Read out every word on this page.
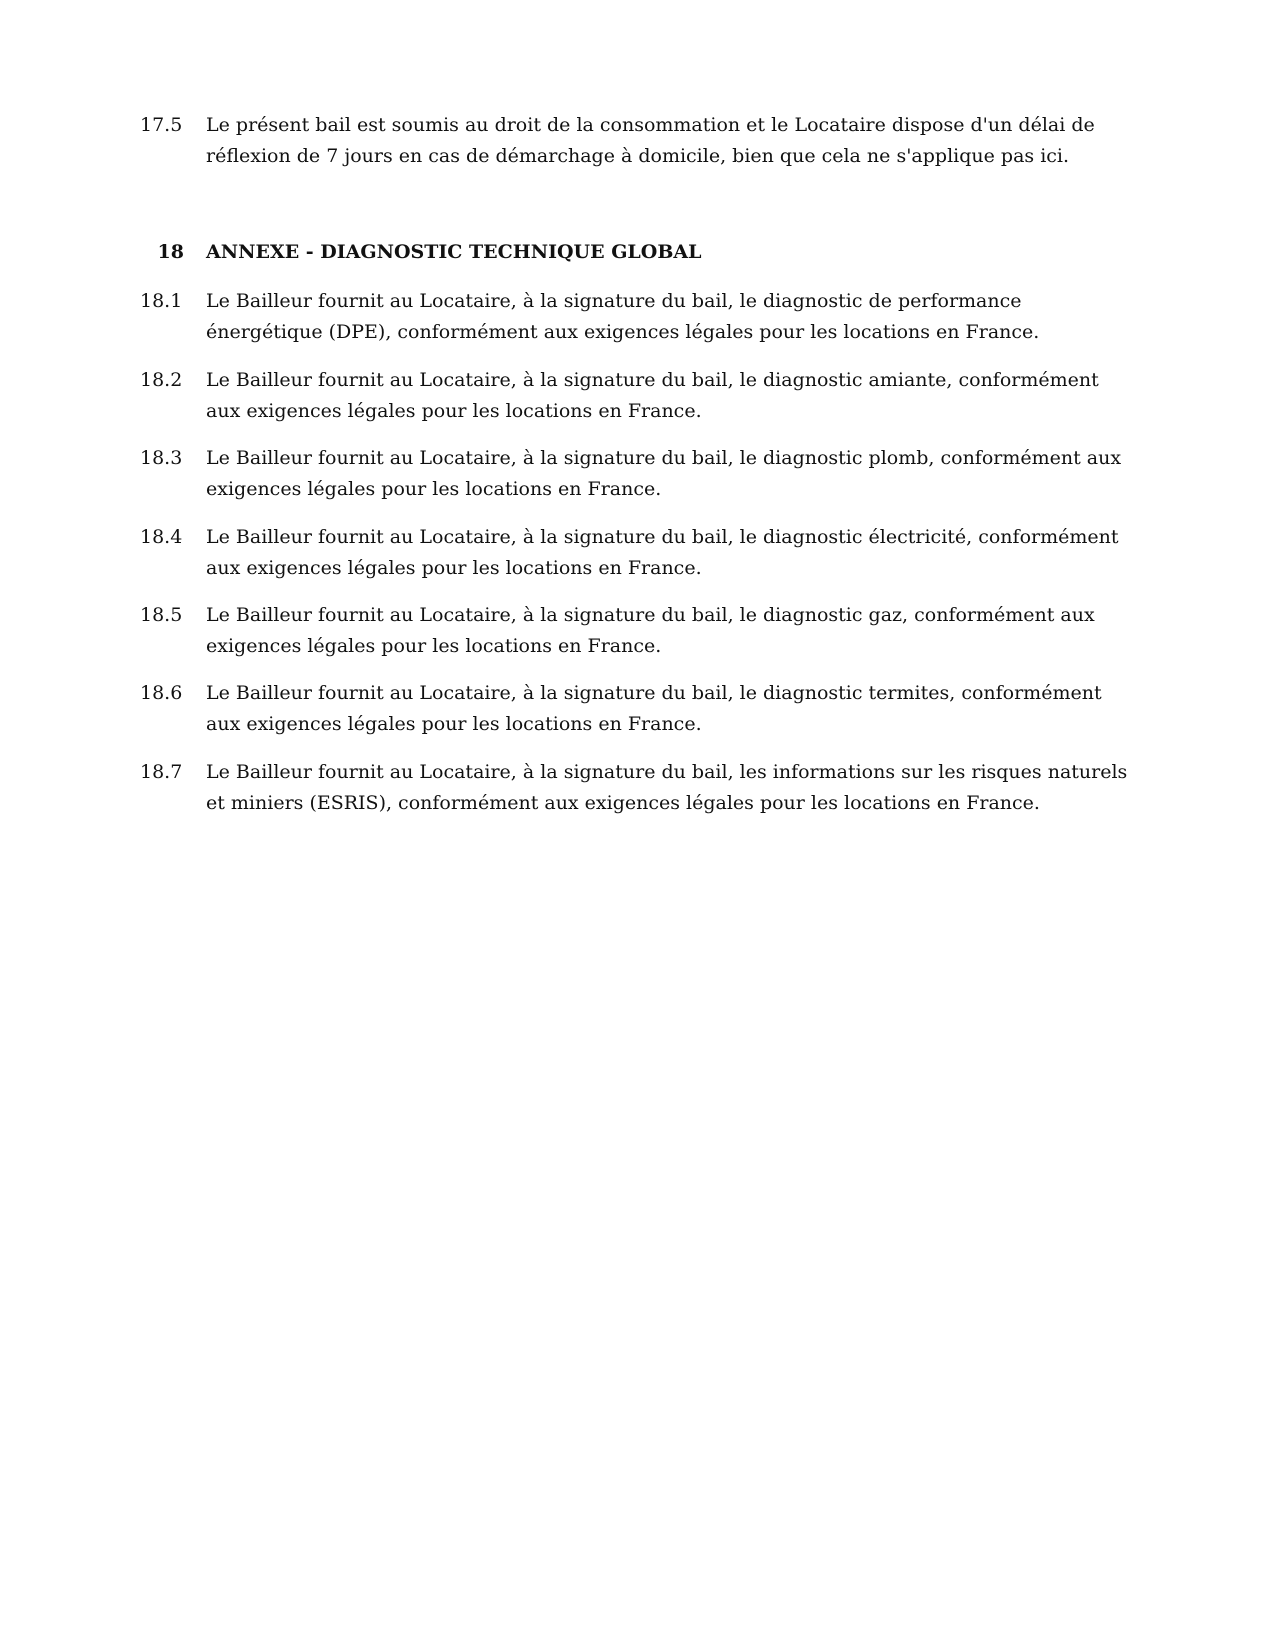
17.5	Le présent bail est soumis au droit de la consommation et le Locataire dispose d'un délai de réflexion de 7 jours en cas de démarchage à domicile, bien que cela ne s'applique pas ici.
18 ANNEXE - DIAGNOSTIC TECHNIQUE GLOBAL
18.1	Le Bailleur fournit au Locataire, à la signature du bail, le diagnostic de performance énergétique (DPE), conformément aux exigences légales pour les locations en France.
18.2	Le Bailleur fournit au Locataire, à la signature du bail, le diagnostic amiante, conformément aux exigences légales pour les locations en France.
18.3	Le Bailleur fournit au Locataire, à la signature du bail, le diagnostic plomb, conformément aux exigences légales pour les locations en France.
18.4	Le Bailleur fournit au Locataire, à la signature du bail, le diagnostic électricité, conformément aux exigences légales pour les locations en France.
18.5	Le Bailleur fournit au Locataire, à la signature du bail, le diagnostic gaz, conformément aux exigences légales pour les locations en France.
18.6	Le Bailleur fournit au Locataire, à la signature du bail, le diagnostic termites, conformément aux exigences légales pour les locations en France.
18.7	Le Bailleur fournit au Locataire, à la signature du bail, les informations sur les risques naturels et miniers (ESRIS), conformément aux exigences légales pour les locations en France.
